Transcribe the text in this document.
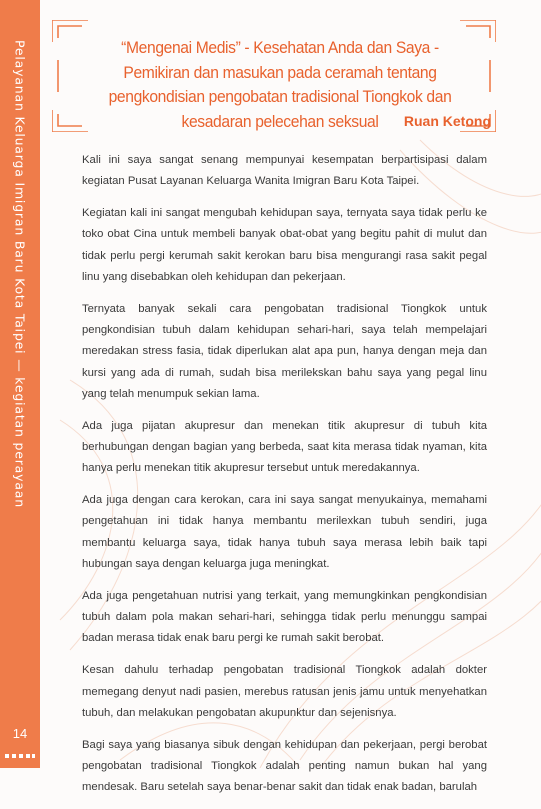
Pelayanan Keluarga Imigran Baru Kota Taipei — kegiatan perayaan
14
“Mengenai Medis” - Kesehatan Anda dan Saya - Pemikiran dan masukan pada ceramah tentang pengkondisian pengobatan tradisional Tiongkok dan kesadaran pelecehan seksual	Ruan Ketong

Kali ini saya sangat senang mempunyai kesempatan berpartisipasi dalam kegiatan Pusat Layanan Keluarga Wanita Imigran Baru Kota Taipei.

Kegiatan kali ini sangat mengubah kehidupan saya, ternyata saya tidak perlu ke toko obat Cina untuk membeli banyak obat-obat yang begitu pahit di mulut dan tidak perlu pergi kerumah sakit kerokan baru bisa mengurangi rasa sakit pegal linu yang disebabkan oleh kehidupan dan pekerjaan.

Ternyata banyak sekali cara pengobatan tradisional Tiongkok untuk pengkondisian tubuh dalam kehidupan sehari-hari, saya telah mempelajari meredakan stress fasia, tidak diperlukan alat apa pun, hanya dengan meja dan kursi yang ada di rumah, sudah bisa merilekskan bahu saya yang pegal linu yang telah menumpuk sekian lama.

Ada juga pijatan akupresur dan menekan titik akupresur di tubuh kita berhubungan dengan bagian yang berbeda, saat kita merasa tidak nyaman, kita hanya perlu menekan titik akupresur tersebut untuk meredakannya.

Ada juga dengan cara kerokan, cara ini saya sangat menyukainya, memahami pengetahuan ini tidak hanya membantu merilexkan tubuh sendiri, juga membantu keluarga saya, tidak hanya tubuh saya merasa lebih baik tapi hubungan saya dengan keluarga juga meningkat.

Ada juga pengetahuan nutrisi yang terkait, yang memungkinkan pengkondisian tubuh dalam pola makan sehari-hari, sehingga tidak perlu menunggu sampai badan merasa tidak enak baru pergi ke rumah sakit berobat.

Kesan dahulu terhadap pengobatan tradisional Tiongkok adalah dokter memegang denyut nadi pasien, merebus ratusan jenis jamu untuk menyehatkan tubuh, dan melakukan pengobatan akupunktur dan sejenisnya.

Bagi saya yang biasanya sibuk dengan kehidupan dan pekerjaan, pergi berobat pengobatan tradisional Tiongkok adalah penting namun bukan hal yang mendesak. Baru setelah saya benar-benar sakit dan tidak enak badan, barulah
